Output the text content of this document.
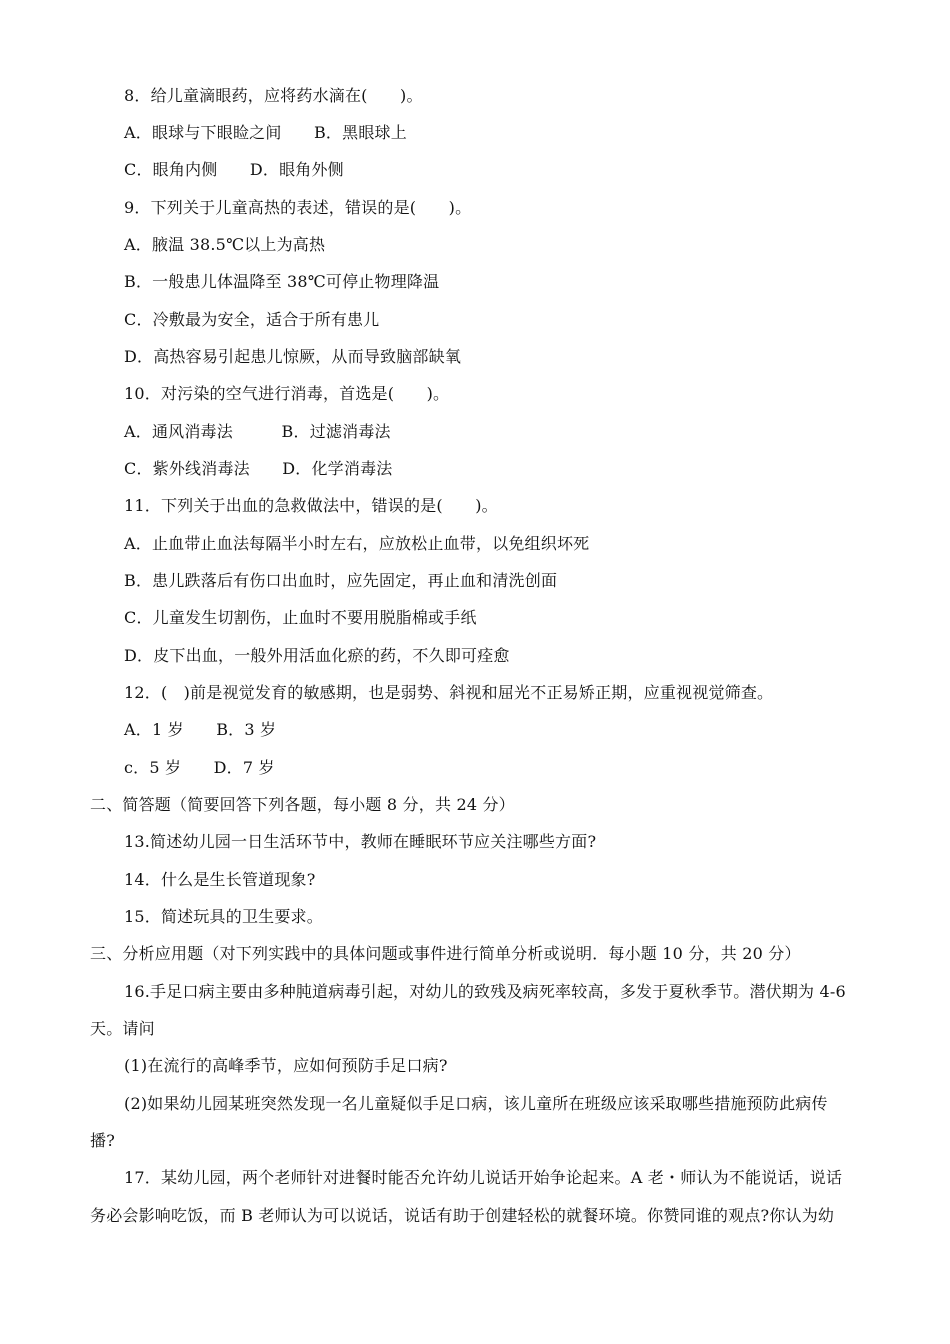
8．给儿童滴眼药，应将药水滴在(　　)。
A．眼球与下眼睑之间　　B．黑眼球上
C．眼角内侧　　D．眼角外侧
9．下列关于儿童高热的表述，错误的是(　　)。
A．腋温 38.5℃以上为高热
B．一般患儿体温降至 38℃可停止物理降温
C．冷敷最为安全，适合于所有患儿
D．高热容易引起患儿惊厥，从而导致脑部缺氧
10．对污染的空气进行消毒，首选是(　　)。
A．通风消毒法　　　B．过滤消毒法
C．紫外线消毒法　　D．化学消毒法
11．下列关于出血的急救做法中，错误的是(　　)。
A．止血带止血法每隔半小时左右，应放松止血带，以免组织坏死
B．患儿跌落后有伤口出血时，应先固定，再止血和清洗创面
C．儿童发生切割伤，止血时不要用脱脂棉或手纸
D．皮下出血，一般外用活血化瘀的药，不久即可痊愈
12．(　)前是视觉发育的敏感期，也是弱势、斜视和屈光不正易矫正期，应重视视觉筛查。
A．1 岁　　B．3 岁
c．5 岁　　D．7 岁
二、简答题（简要回答下列各题，每小题 8 分，共 24 分）
13.简述幼儿园一日生活环节中，教师在睡眠环节应关注哪些方面?
14．什么是生长管道现象?
15．简述玩具的卫生要求。
三、分析应用题（对下列实践中的具体问题或事件进行简单分析或说明．每小题 10 分，共 20 分）
16.手足口病主要由多种肫道病毒引起，对幼儿的致残及病死率较高，多发于夏秋季节。潜伏期为 4-6
天。请问
(1)在流行的高峰季节，应如何预防手足口病?
(2)如果幼儿园某班突然发现一名儿童疑似手足口病，该儿童所在班级应该采取哪些措施预防此病传
播?
17．某幼儿园，两个老师针对进餐时能否允许幼儿说话开始争论起来。A 老・师认为不能说话，说话
务必会影响吃饭，而 B 老师认为可以说话，说话有助于创建轻松的就餐环境。你赞同谁的观点?你认为幼
